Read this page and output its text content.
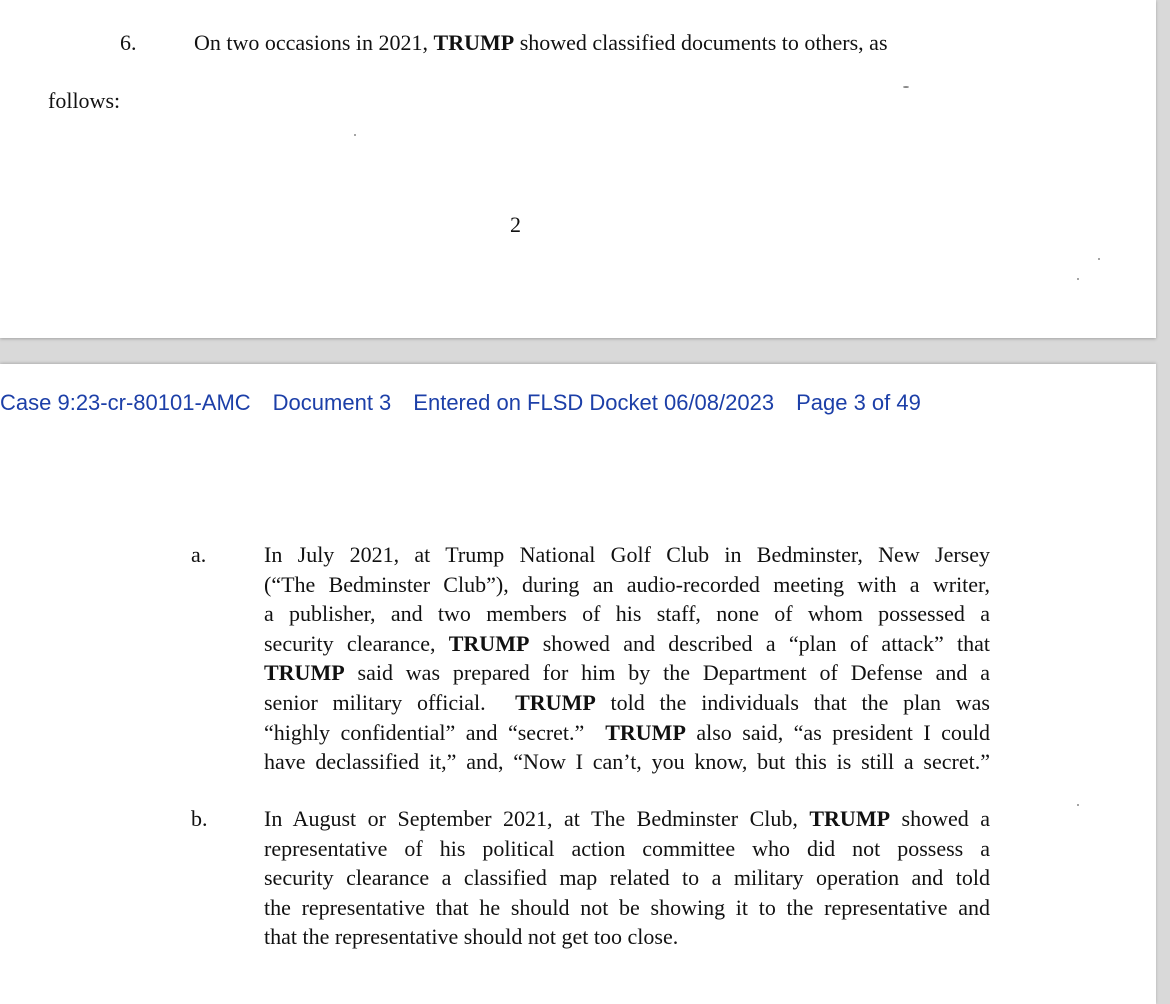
6.	On two occasions in 2021, TRUMP showed classified documents to others, as
follows:
2
Case 9:23-cr-80101-AMC Document 3 Entered on FLSD Docket 06/08/2023 Page 3 of 49
a.	In July 2021, at Trump National Golf Club in Bedminster, New Jersey
(“The Bedminster Club”), during an audio-recorded meeting with a writer,
a publisher, and two members of his staff, none of whom possessed a
security clearance, TRUMP showed and described a “plan of attack” that
TRUMP said was prepared for him by the Department of Defense and a
senior military official.  TRUMP told the individuals that the plan was
“highly confidential” and “secret.”  TRUMP also said, “as president I could
have declassified it,” and, “Now I can’t, you know, but this is still a secret.”
b.	In August or September 2021, at The Bedminster Club, TRUMP showed a
representative of his political action committee who did not possess a
security clearance a classified map related to a military operation and told
the representative that he should not be showing it to the representative and
that the representative should not get too close.
